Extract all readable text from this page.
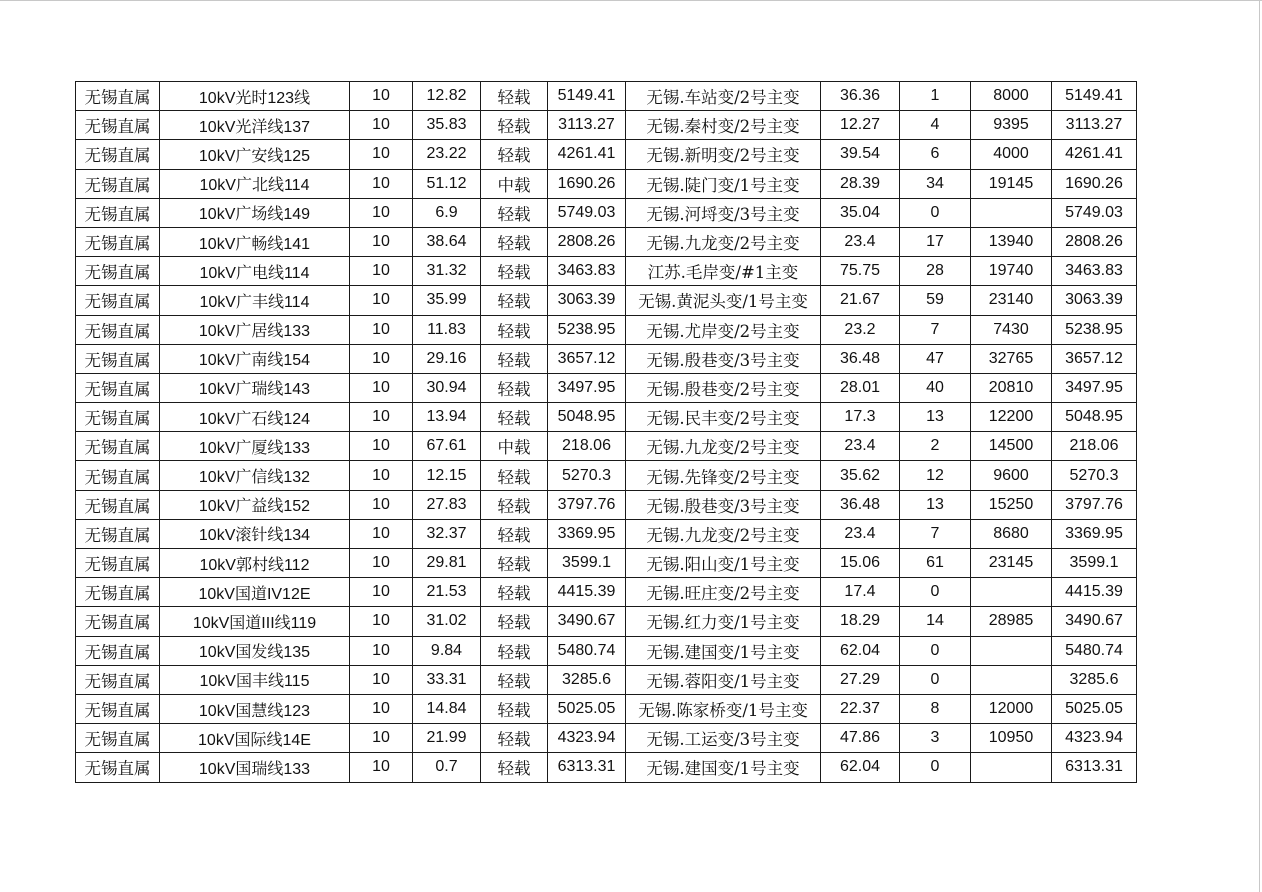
无锡直属	10kV光时123线	10	12.82	轻载	5149.41	无锡.车站变/2号主变	36.36	1	8000	5149.41
无锡直属	10kV光洋线137	10	35.83	轻载	3113.27	无锡.秦村变/2号主变	12.27	4	9395	3113.27
无锡直属	10kV广安线125	10	23.22	轻载	4261.41	无锡.新明变/2号主变	39.54	6	4000	4261.41
无锡直属	10kV广北线114	10	51.12	中载	1690.26	无锡.陡门变/1号主变	28.39	34	19145	1690.26
无锡直属	10kV广场线149	10	6.9	轻载	5749.03	无锡.河埒变/3号主变	35.04	0		5749.03
无锡直属	10kV广畅线141	10	38.64	轻载	2808.26	无锡.九龙变/2号主变	23.4	17	13940	2808.26
无锡直属	10kV广电线114	10	31.32	轻载	3463.83	江苏.毛岸变/#1主变	75.75	28	19740	3463.83
无锡直属	10kV广丰线114	10	35.99	轻载	3063.39	无锡.黄泥头变/1号主变	21.67	59	23140	3063.39
无锡直属	10kV广居线133	10	11.83	轻载	5238.95	无锡.尤岸变/2号主变	23.2	7	7430	5238.95
无锡直属	10kV广南线154	10	29.16	轻载	3657.12	无锡.殷巷变/3号主变	36.48	47	32765	3657.12
无锡直属	10kV广瑞线143	10	30.94	轻载	3497.95	无锡.殷巷变/2号主变	28.01	40	20810	3497.95
无锡直属	10kV广石线124	10	13.94	轻载	5048.95	无锡.民丰变/2号主变	17.3	13	12200	5048.95
无锡直属	10kV广厦线133	10	67.61	中载	218.06	无锡.九龙变/2号主变	23.4	2	14500	218.06
无锡直属	10kV广信线132	10	12.15	轻载	5270.3	无锡.先锋变/2号主变	35.62	12	9600	5270.3
无锡直属	10kV广益线152	10	27.83	轻载	3797.76	无锡.殷巷变/3号主变	36.48	13	15250	3797.76
无锡直属	10kV滚针线134	10	32.37	轻载	3369.95	无锡.九龙变/2号主变	23.4	7	8680	3369.95
无锡直属	10kV郭村线112	10	29.81	轻载	3599.1	无锡.阳山变/1号主变	15.06	61	23145	3599.1
无锡直属	10kV国道IV12E	10	21.53	轻载	4415.39	无锡.旺庄变/2号主变	17.4	0		4415.39
无锡直属	10kV国道III线119	10	31.02	轻载	3490.67	无锡.红力变/1号主变	18.29	14	28985	3490.67
无锡直属	10kV国发线135	10	9.84	轻载	5480.74	无锡.建国变/1号主变	62.04	0		5480.74
无锡直属	10kV国丰线115	10	33.31	轻载	3285.6	无锡.蓉阳变/1号主变	27.29	0		3285.6
无锡直属	10kV国慧线123	10	14.84	轻载	5025.05	无锡.陈家桥变/1号主变	22.37	8	12000	5025.05
无锡直属	10kV国际线14E	10	21.99	轻载	4323.94	无锡.工运变/3号主变	47.86	3	10950	4323.94
无锡直属	10kV国瑞线133	10	0.7	轻载	6313.31	无锡.建国变/1号主变	62.04	0		6313.31
